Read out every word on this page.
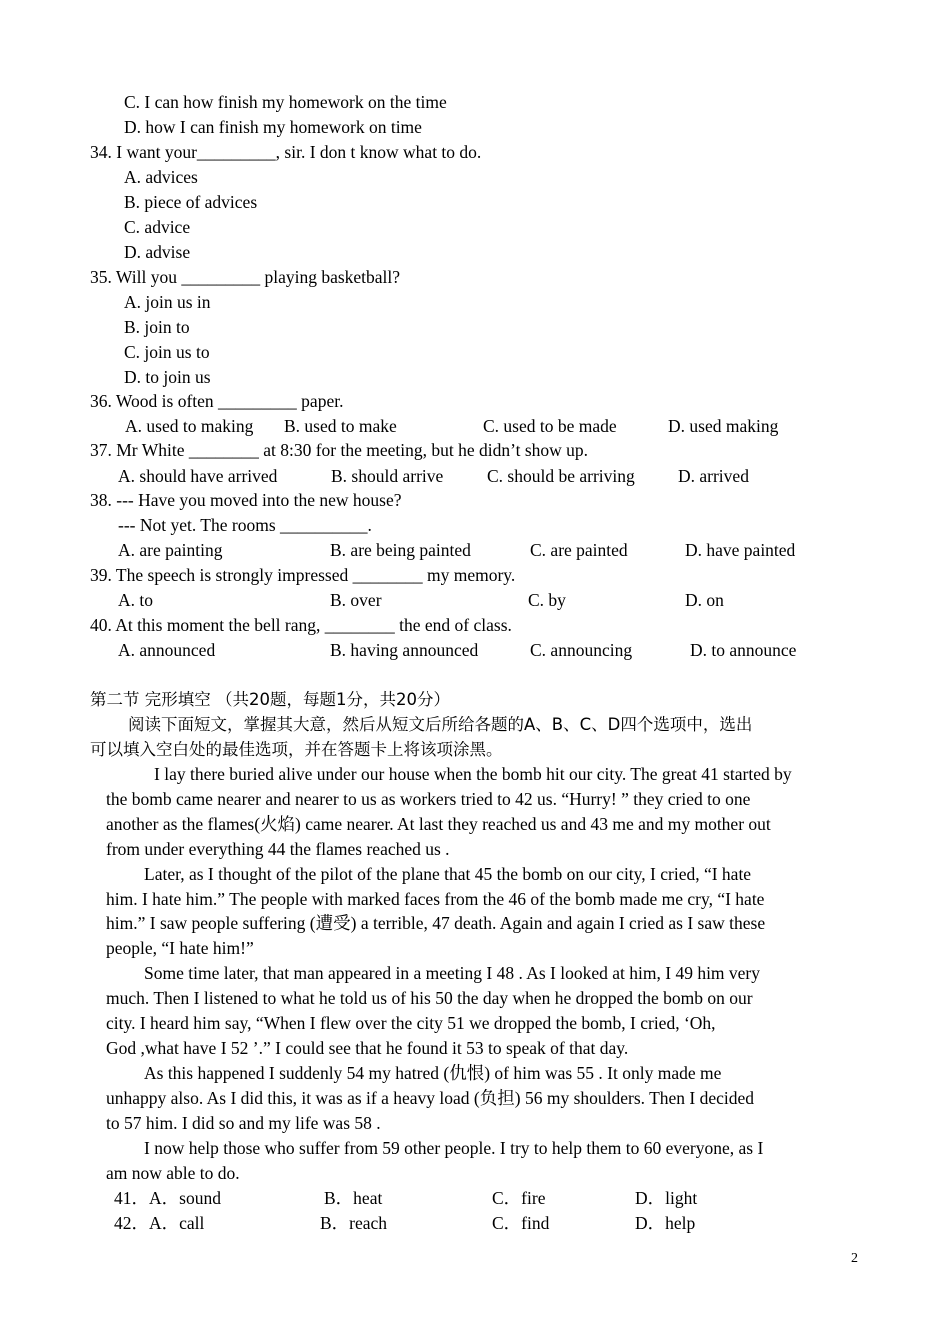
C. I can how finish my homework on the time
D. how I can finish my homework on time
34. I want your_________, sir. I don t know what to do.
A. advices
B. piece of advices
C. advice
D. advise
35. Will you _________ playing basketball?
A. join us in
B. join to
C. join us to
D. to join us
36. Wood is often _________ paper.
37. Mr White ________ at 8:30 for the meeting, but he didn’t show up.
38. --- Have you moved into the new house?
--- Not yet. The rooms __________.
39. The speech is strongly impressed ________ my memory.
40. At this moment the bell rang, ________ the end of class.
A. used to making B. used to make	C. used to be made	D. used making
A. should have arrived	B. should arrive C. should be arriving D. arrived
A. are painting	B. are being painted	C. are painted	D. have painted
A. to	B. over	C. by	D. on
A. announced	B. having announced	C. announcing	D. to announce
第二节 完形填空 （共20题，每题1分，共20分）
阅读下面短文，掌握其大意，然后从短文后所给各题的A、B、C、D四个选项中，选出
可以填入空白处的最佳选项，并在答题卡上将该项涂黑。
I lay there buried alive under our house when the bomb hit our city. The great 41 started by
the bomb came nearer and nearer to us as workers tried to 42 us. “Hurry! ” they cried to one
another as the flames(火焰) came nearer. At last they reached us and 43 me and my mother out
from under everything 44 the flames reached us .
Later, as I thought of the pilot of the plane that 45 the bomb on our city, I cried, “I hate
him. I hate him.” The people with marked faces from the 46 of the bomb made me cry, “I hate
him.” I saw people suffering (遭受) a terrible, 47 death. Again and again I cried as I saw these
people, “I hate him!”
Some time later, that man appeared in a meeting I 48 . As I looked at him, I 49 him very
much. Then I listened to what he told us of his 50 the day when he dropped the bomb on our
city. I heard him say, “When I flew over the city 51 we dropped the bomb, I cried, ‘Oh,
God ,what have I 52 ’.” I could see that he found it 53 to speak of that day.
As this happened I suddenly 54 my hatred (仇恨) of him was 55 . It only made me
unhappy also. As I did this, it was as if a heavy load (负担) 56 my shoulders. Then I decided
to 57 him. I did so and my life was 58 .
I now help those who suffer from 59 other people. I try to help them to 60 everyone, as I
am now able to do.
41．A．sound	B．heat	C．fire	D．light
42．A．call	B．reach	C．find	D．help
2
